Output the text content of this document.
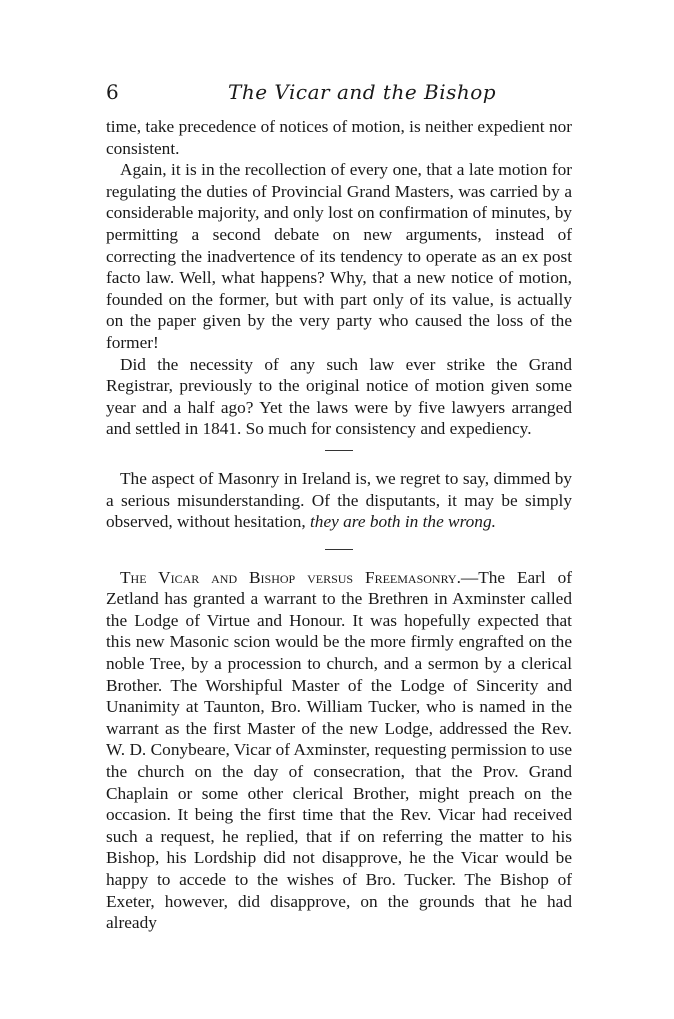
6	The Vicar and the Bishop

time, take precedence of notices of motion, is neither expedient nor consistent.

Again, it is in the recollection of every one, that a late motion for regulating the duties of Provincial Grand Masters, was carried by a considerable majority, and only lost on confirmation of minutes, by permitting a second debate on new arguments, instead of correcting the inadvertence of its tendency to operate as an ex post facto law. Well, what happens? Why, that a new notice of motion, founded on the former, but with part only of its value, is actually on the paper given by the very party who caused the loss of the former!

Did the necessity of any such law ever strike the Grand Registrar, previously to the original notice of motion given some year and a half ago? Yet the laws were by five lawyers arranged and settled in 1841. So much for consistency and expediency.

The aspect of Masonry in Ireland is, we regret to say, dimmed by a serious misunderstanding. Of the disputants, it may be simply observed, without hesitation, they are both in the wrong.

The Vicar and Bishop versus Freemasonry.—The Earl of Zetland has granted a warrant to the Brethren in Axminster called the Lodge of Virtue and Honour. It was hopefully expected that this new Masonic scion would be the more firmly engrafted on the noble Tree, by a procession to church, and a sermon by a clerical Brother. The Worshipful Master of the Lodge of Sincerity and Unanimity at Taunton, Bro. William Tucker, who is named in the warrant as the first Master of the new Lodge, addressed the Rev. W. D. Conybeare, Vicar of Axminster, requesting permission to use the church on the day of consecration, that the Prov. Grand Chaplain or some other clerical Brother, might preach on the occasion. It being the first time that the Rev. Vicar had received such a request, he replied, that if on referring the matter to his Bishop, his Lordship did not disapprove, he the Vicar would be happy to accede to the wishes of Bro. Tucker. The Bishop of Exeter, however, did disapprove, on the grounds that he had already
